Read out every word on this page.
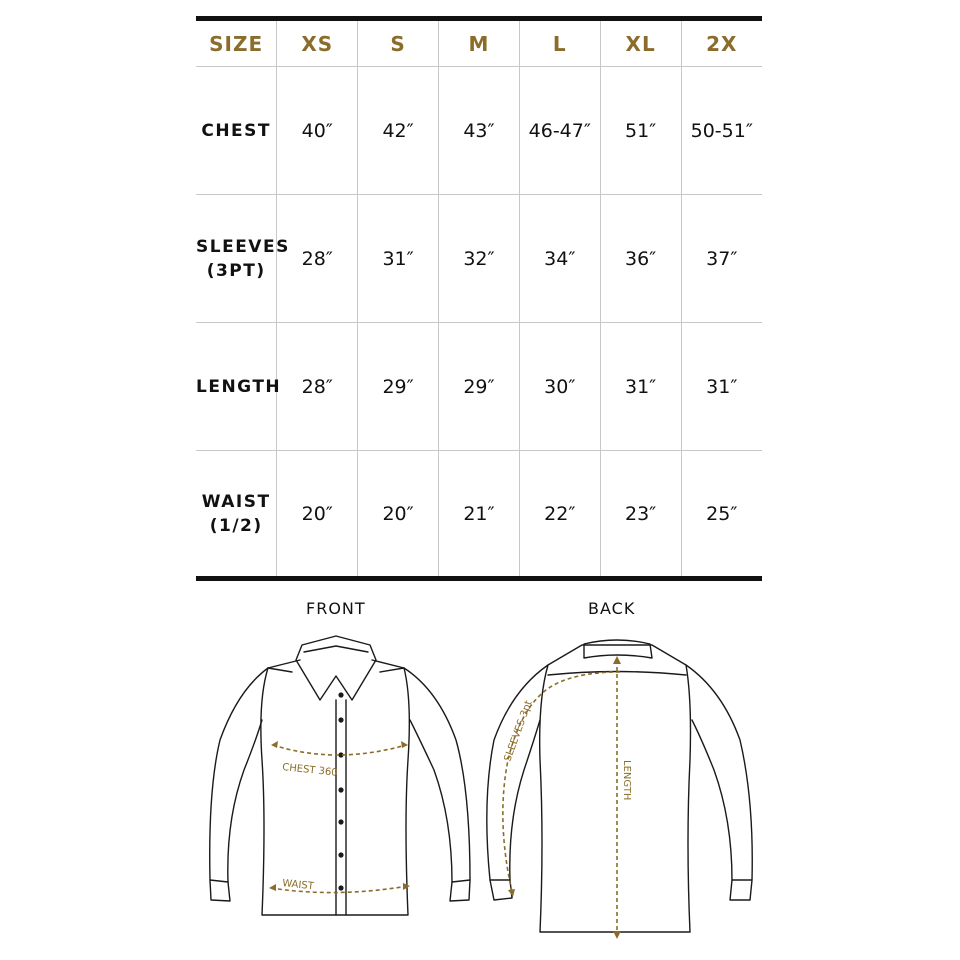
SIZE	XS	S	M	L	XL	2X
CHEST	40″	42″	43″	46-47″	51″	50-51″
SLEEVES
(3PT)	28″	31″	32″	34″	36″	37″
LENGTH	28″	29″	29″	30″	31″	31″
WAIST
(1/2)	20″	20″	21″	22″	23″	25″
FRONT	BACK
CHEST 360
WAIST
SLEEVES 3pt
LENGTH
